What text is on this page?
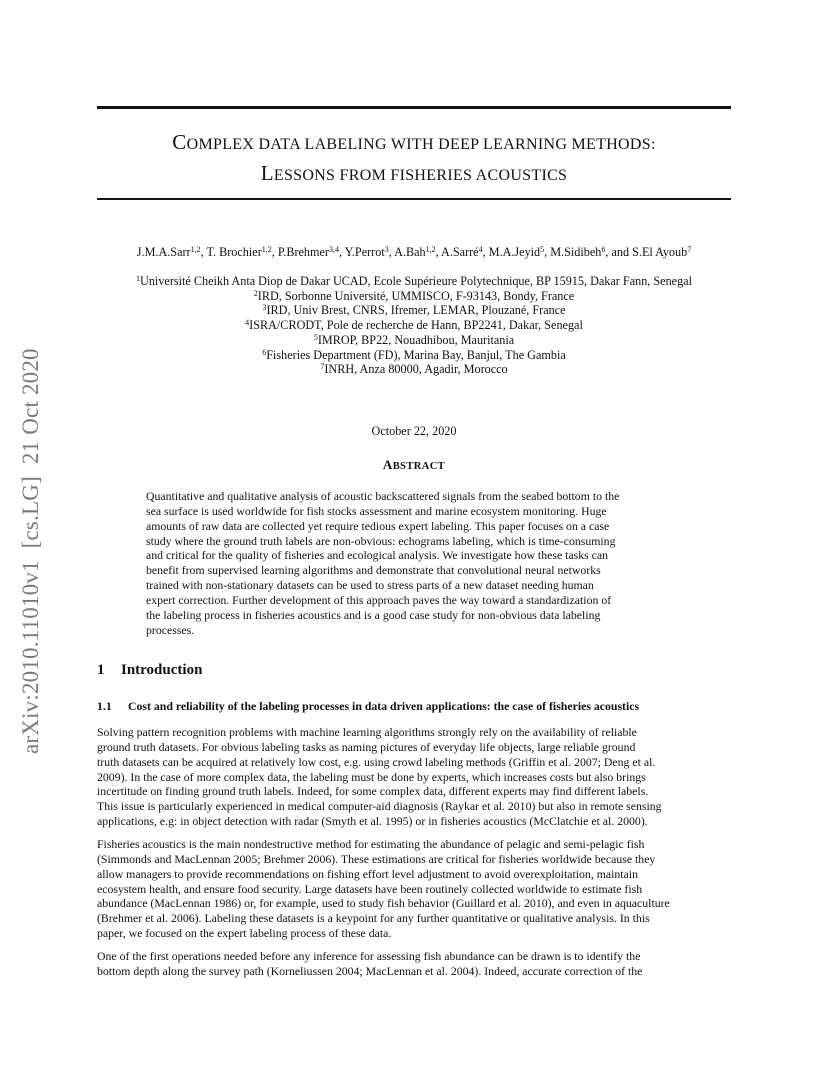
arXiv:2010.11010v1  [cs.LG]  21 Oct 2020
COMPLEX DATA LABELING WITH DEEP LEARNING METHODS:
LESSONS FROM FISHERIES ACOUSTICS
J.M.A.Sarr$^{1,2}$, T. Brochier$^{1,2}$, P.Brehmer$^{3,4}$, Y.Perrot$^3$, A.Bah$^{1,2}$, A.Sarré$^4$, M.A.Jeyid$^5$, M.Sidibeh$^6$, and S.El Ayoub$^7$
$^1$Université Cheikh Anta Diop de Dakar UCAD, Ecole Supérieure Polytechnique, BP 15915, Dakar Fann, Senegal
$^2$IRD, Sorbonne Université, UMMISCO, F-93143, Bondy, France
$^3$IRD, Univ Brest, CNRS, Ifremer, LEMAR, Plouzané, France
$^4$ISRA/CRODT, Pole de recherche de Hann, BP2241, Dakar, Senegal
$^5$IMROP, BP22, Nouadhibou, Mauritania
$^6$Fisheries Department (FD), Marina Bay, Banjul, The Gambia
$^7$INRH, Anza 80000, Agadir, Morocco
October 22, 2020
ABSTRACT
Quantitative and qualitative analysis of acoustic backscattered signals from the seabed bottom to the
sea surface is used worldwide for fish stocks assessment and marine ecosystem monitoring. Huge
amounts of raw data are collected yet require tedious expert labeling. This paper focuses on a case
study where the ground truth labels are non-obvious: echograms labeling, which is time-consuming
and critical for the quality of fisheries and ecological analysis. We investigate how these tasks can
benefit from supervised learning algorithms and demonstrate that convolutional neural networks
trained with non-stationary datasets can be used to stress parts of a new dataset needing human
expert correction. Further development of this approach paves the way toward a standardization of
the labeling process in fisheries acoustics and is a good case study for non-obvious data labeling
processes.
1 Introduction
1.1 Cost and reliability of the labeling processes in data driven applications: the case of fisheries acoustics
Solving pattern recognition problems with machine learning algorithms strongly rely on the availability of reliable
ground truth datasets. For obvious labeling tasks as naming pictures of everyday life objects, large reliable ground
truth datasets can be acquired at relatively low cost, e.g. using crowd labeling methods (Griffin et al. 2007; Deng et al.
2009). In the case of more complex data, the labeling must be done by experts, which increases costs but also brings
incertitude on finding ground truth labels. Indeed, for some complex data, different experts may find different labels.
This issue is particularly experienced in medical computer-aid diagnosis (Raykar et al. 2010) but also in remote sensing
applications, e.g: in object detection with radar (Smyth et al. 1995) or in fisheries acoustics (McClatchie et al. 2000).
Fisheries acoustics is the main nondestructive method for estimating the abundance of pelagic and semi-pelagic fish
(Simmonds and MacLennan 2005; Brehmer 2006). These estimations are critical for fisheries worldwide because they
allow managers to provide recommendations on fishing effort level adjustment to avoid overexploitation, maintain
ecosystem health, and ensure food security. Large datasets have been routinely collected worldwide to estimate fish
abundance (MacLennan 1986) or, for example, used to study fish behavior (Guillard et al. 2010), and even in aquaculture
(Brehmer et al. 2006). Labeling these datasets is a keypoint for any further quantitative or qualitative analysis. In this
paper, we focused on the expert labeling process of these data.
One of the first operations needed before any inference for assessing fish abundance can be drawn is to identify the
bottom depth along the survey path (Korneliussen 2004; MacLennan et al. 2004). Indeed, accurate correction of the
